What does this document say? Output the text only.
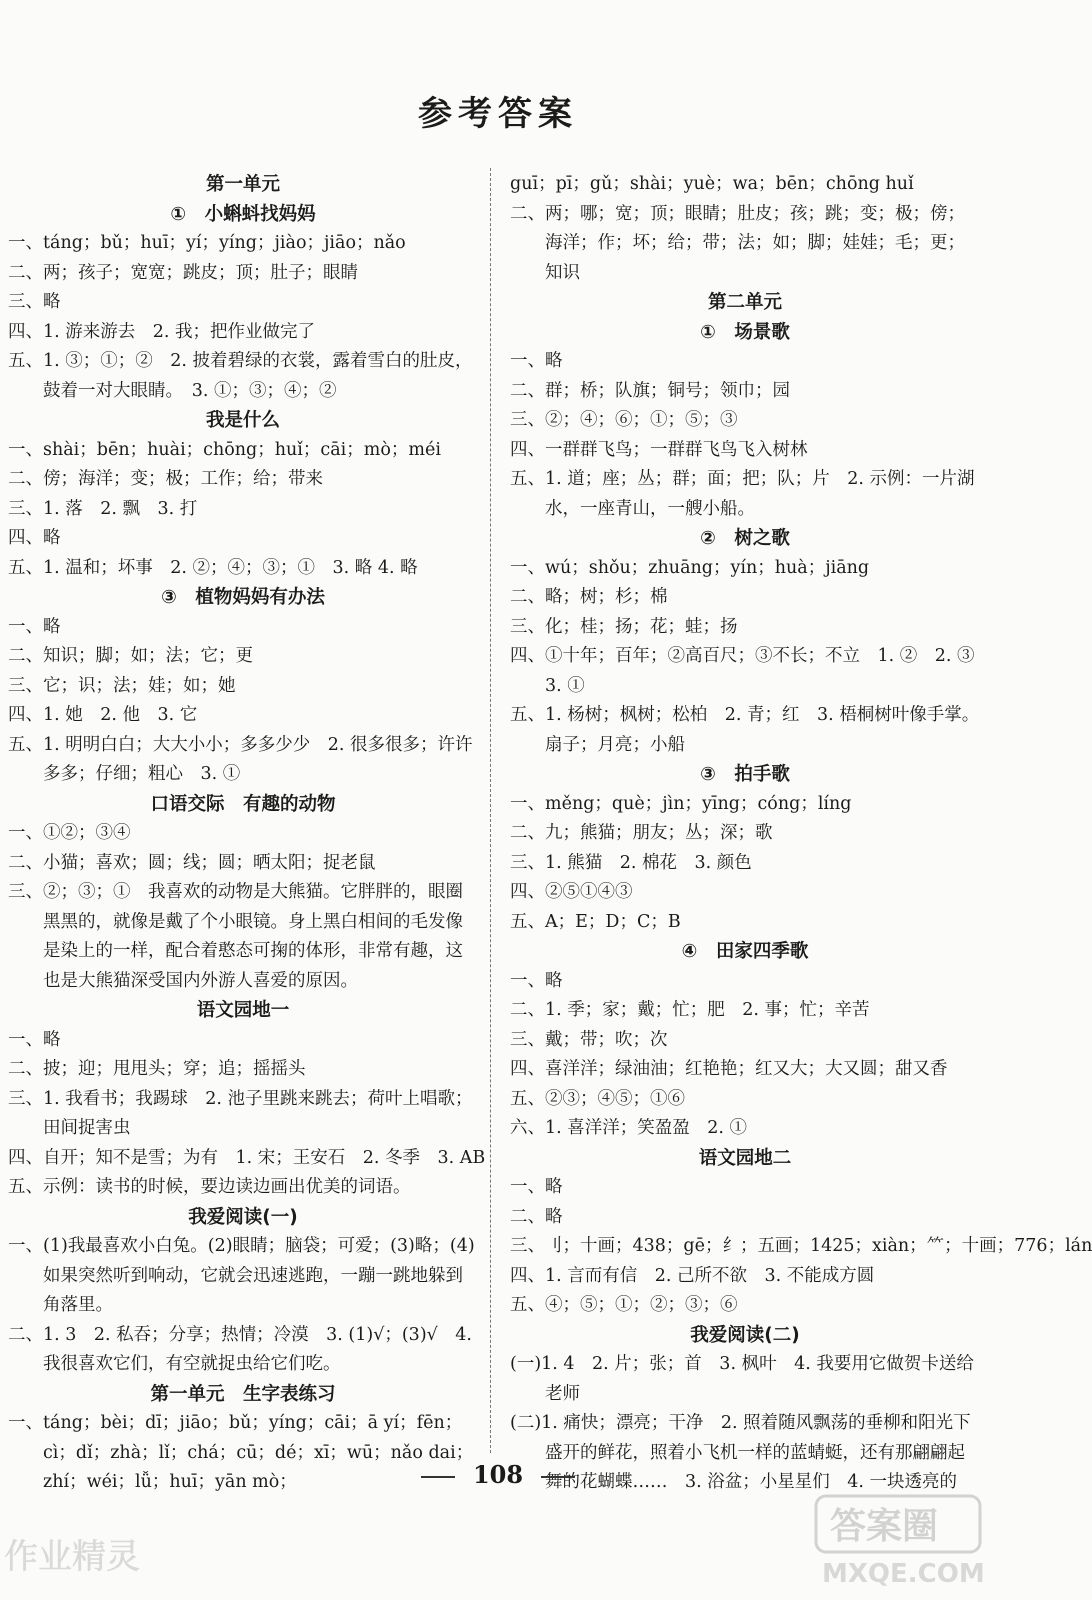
参考答案
第一单元
①　小蝌蚪找妈妈
一、táng；bǔ；huī；yí；yíng；jiào；jiāo；nǎo
二、两；孩子；宽宽；跳皮；顶；肚子；眼睛
三、略
四、1. 游来游去　2. 我；把作业做完了
五、1. ③；①；②　2. 披着碧绿的衣裳，露着雪白的肚皮，鼓着一对大眼睛。　3. ①；③；④；②
我是什么
一、shài；bēn；huài；chōng；huǐ；cāi；mò；méi
二、傍；海洋；变；极；工作；给；带来
三、1. 落　2. 飘　3. 打
四、略
五、1. 温和；坏事　2. ②；④；③；①　3. 略 4. 略
③　植物妈妈有办法
一、略
二、知识；脚；如；法；它；更
三、它；识；法；娃；如；她
四、1. 她　2. 他　3. 它
五、1. 明明白白；大大小小；多多少少　2. 很多很多；许许多多；仔细；粗心　3. ①
口语交际　有趣的动物
一、①②；③④
二、小猫；喜欢；圆；线；圆；晒太阳；捉老鼠
三、②；③；①　我喜欢的动物是大熊猫。它胖胖的，眼圈黑黑的，就像是戴了个小眼镜。身上黑白相间的毛发像是染上的一样，配合着憨态可掬的体形，非常有趣，这也是大熊猫深受国内外游人喜爱的原因。
语文园地一
一、略
二、披；迎；甩甩头；穿；追；摇摇头
三、1. 我看书；我踢球　2. 池子里跳来跳去；荷叶上唱歌；田间捉害虫
四、自开；知不是雪；为有　1. 宋；王安石　2. 冬季　3. AB
五、示例：读书的时候，要边读边画出优美的词语。
我爱阅读(一)
一、(1)我最喜欢小白兔。(2)眼睛；脑袋；可爱；(3)略；(4)如果突然听到响动，它就会迅速逃跑，一蹦一跳地躲到角落里。
二、1. 3　2. 私吞；分享；热情；冷漠　3. (1)√；(3)√　4. 我很喜欢它们，有空就捉虫给它们吃。
第一单元　生字表练习
一、táng；bèi；dī；jiāo；bǔ；yíng；cāi；ā yí；fēn；cì；dǐ；zhà；lǐ；chá；cū；dé；xī；wū；nǎo dai；zhí；wéi；lǚ；huī；yān mò；
guī；pī；gǔ；shài；yuè；wa；bēn；chōng huǐ
二、两；哪；宽；顶；眼睛；肚皮；孩；跳；变；极；傍；海洋；作；坏；给；带；法；如；脚；娃娃；毛；更；知识
第二单元
①　场景歌
一、略
二、群；桥；队旗；铜号；领巾；园
三、②；④；⑥；①；⑤；③
四、一群群飞鸟；一群群飞鸟飞入树林
五、1. 道；座；丛；群；面；把；队；片　2. 示例：一片湖水，一座青山，一艘小船。
②　树之歌
一、wú；shǒu；zhuāng；yín；huà；jiāng
二、略；树；杉；棉
三、化；桂；扬；花；蛙；扬
四、①十年；百年；②高百尺；③不长；不立　1. ②　2. ③　3. ①
五、1. 杨树；枫树；松柏　2. 青；红　3. 梧桐树叶像手掌。扇子；月亮；小船
③　拍手歌
一、měng；què；jìn；yīng；cóng；líng
二、九；熊猫；朋友；丛；深；歌
三、1. 熊猫　2. 棉花　3. 颜色
四、②⑤①④③
五、A；E；D；C；B
④　田家四季歌
一、略
二、1. 季；家；戴；忙；肥　2. 事；忙；辛苦
三、戴；带；吹；次
四、喜洋洋；绿油油；红艳艳；红又大；大又圆；甜又香
五、②③；④⑤；①⑥
六、1. 喜洋洋；笑盈盈　2. ①
语文园地二
一、略
二、略
三、刂；十画；438；gē；纟；五画；1425；xiàn；⺮；十画；776；lán
四、1. 言而有信　2. 己所不欲　3. 不能成方圆
五、④；⑤；①；②；③；⑥
我爱阅读(二)
(一)1. 4　2. 片；张；首　3. 枫叶　4. 我要用它做贺卡送给老师
(二)1. 痛快；漂亮；干净　2. 照着随风飘荡的垂柳和阳光下盛开的鲜花，照着小飞机一样的蓝蜻蜓，还有那翩翩起舞的花蝴蝶……　3. 浴盆；小星星们　4. 一块透亮的
108
作业精灵
答案圈
MXQE.COM
